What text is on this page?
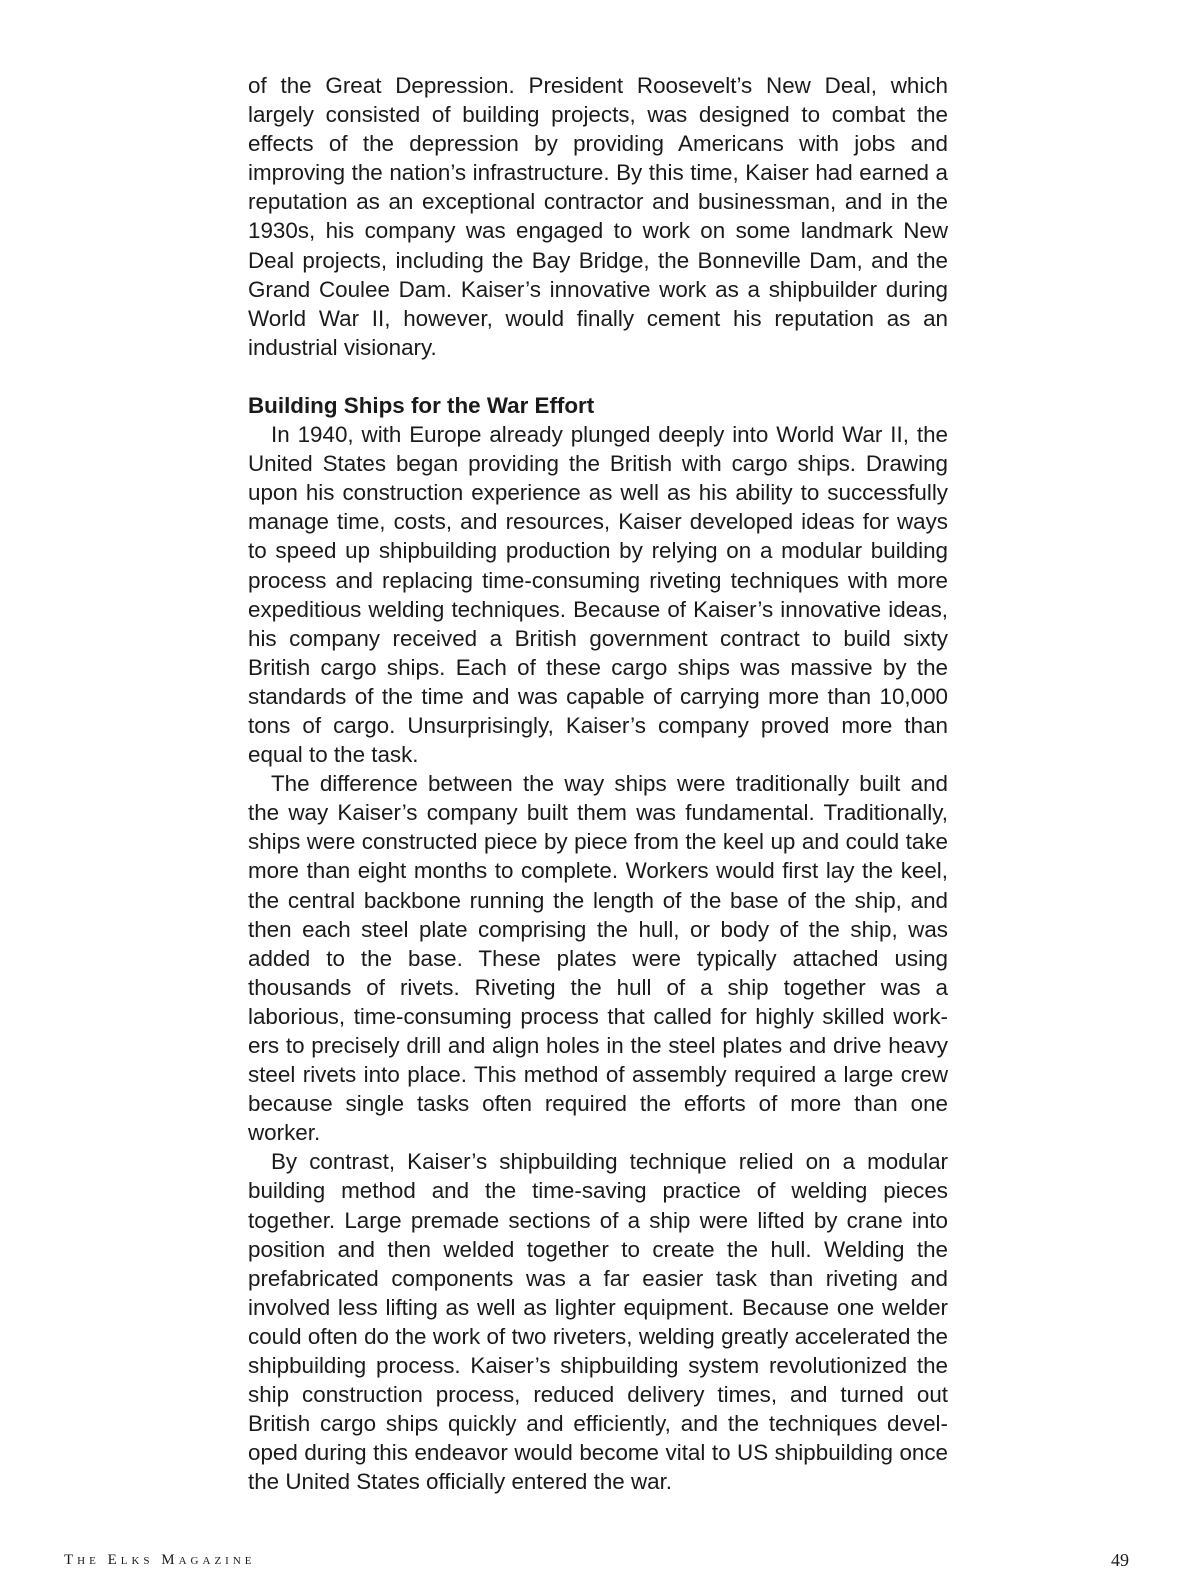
of the Great Depression. President Roosevelt’s New Deal, which largely consisted of building projects, was designed to combat the effects of the depression by providing Americans with jobs and improving the nation’s infrastructure. By this time, Kaiser had earned a reputation as an exceptional contractor and businessman, and in the 1930s, his company was engaged to work on some landmark New Deal projects, including the Bay Bridge, the Bonneville Dam, and the Grand Coulee Dam. Kaiser’s innovative work as a shipbuilder during World War II, however, would finally cement his reputation as an industrial visionary.

Building Ships for the War Effort

In 1940, with Europe already plunged deeply into World War II, the United States began providing the British with cargo ships. Drawing upon his construction experience as well as his ability to successfully manage time, costs, and resources, Kaiser developed ideas for ways to speed up shipbuilding production by relying on a modular building process and replacing time-consuming riveting techniques with more expeditious welding techniques. Because of Kaiser’s innovative ideas, his company received a British government contract to build sixty British cargo ships. Each of these cargo ships was massive by the standards of the time and was capable of carrying more than 10,000 tons of cargo. Unsurprisingly, Kaiser’s company proved more than equal to the task.

The difference between the way ships were traditionally built and the way Kaiser’s company built them was fundamental. Traditionally, ships were constructed piece by piece from the keel up and could take more than eight months to complete. Workers would first lay the keel, the central backbone running the length of the base of the ship, and then each steel plate comprising the hull, or body of the ship, was added to the base. These plates were typically attached using thousands of rivets. Riveting the hull of a ship together was a laborious, time-consuming process that called for highly skilled workers to precisely drill and align holes in the steel plates and drive heavy steel rivets into place. This method of assembly required a large crew because single tasks often required the efforts of more than one worker.

By contrast, Kaiser’s shipbuilding technique relied on a modular building method and the time-saving practice of welding pieces together. Large premade sections of a ship were lifted by crane into position and then welded together to create the hull. Welding the prefabricated components was a far easier task than riveting and involved less lifting as well as lighter equipment. Because one welder could often do the work of two riveters, welding greatly accelerated the shipbuilding process. Kaiser’s shipbuilding system revolutionized the ship construction process, reduced delivery times, and turned out British cargo ships quickly and efficiently, and the techniques developed during this endeavor would become vital to US shipbuilding once the United States officially entered the war.

The Elks Magazine	49
